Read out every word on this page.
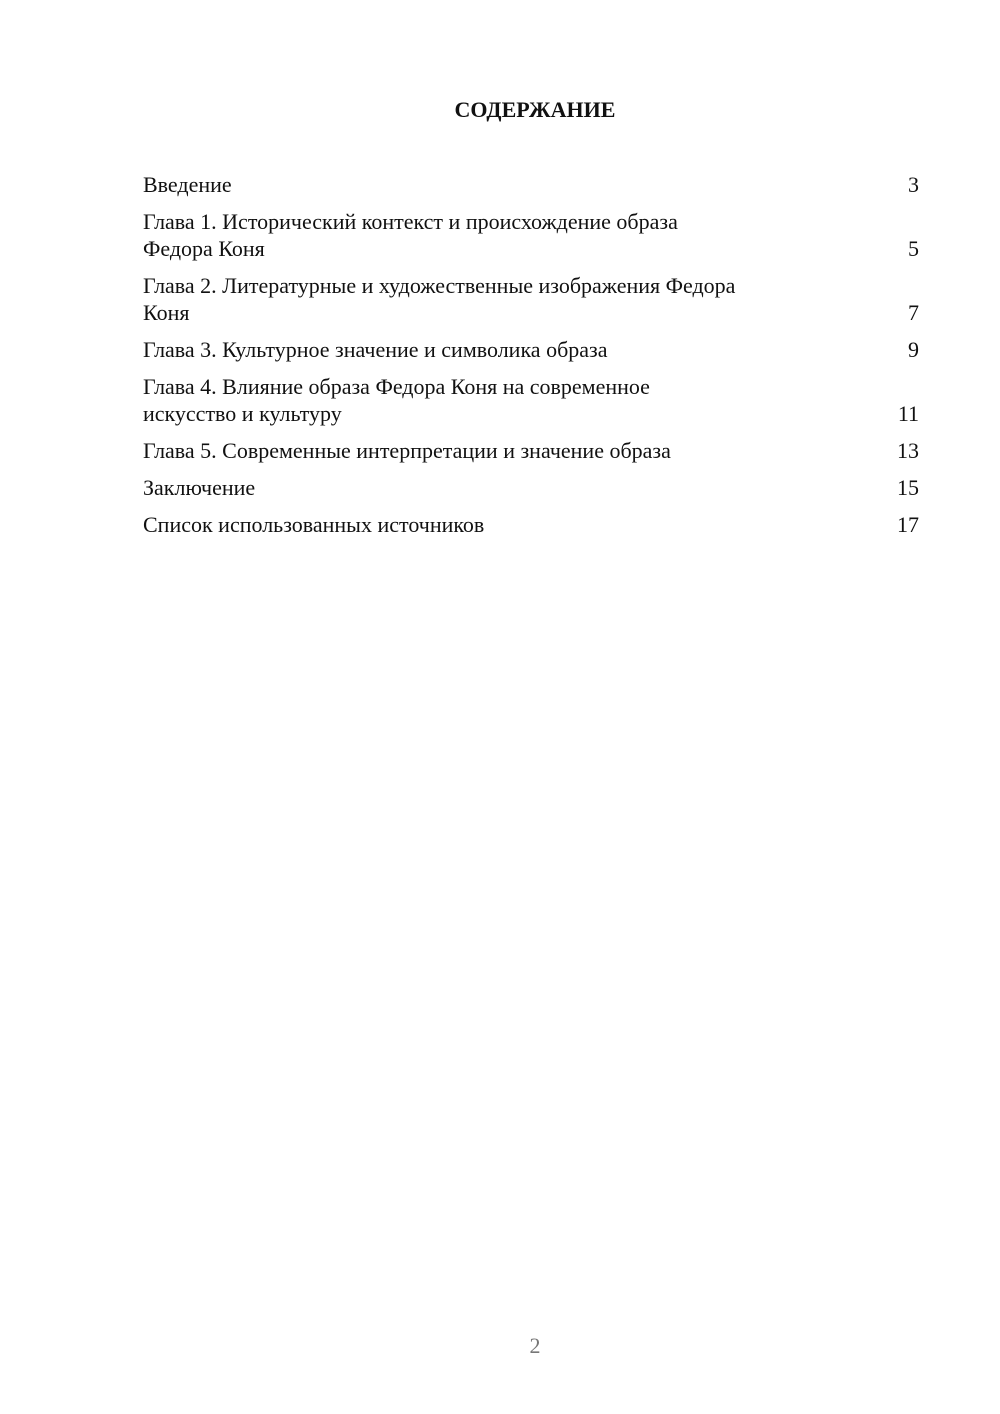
СОДЕРЖАНИЕ
Введение	3
Глава 1. Исторический контекст и происхождение образа
Федора Коня	5
Глава 2. Литературные и художественные изображения Федора
Коня	7
Глава 3. Культурное значение и символика образа	9
Глава 4. Влияние образа Федора Коня на современное
искусство и культуру	11
Глава 5. Современные интерпретации и значение образа	13
Заключение	15
Список использованных источников	17
2
